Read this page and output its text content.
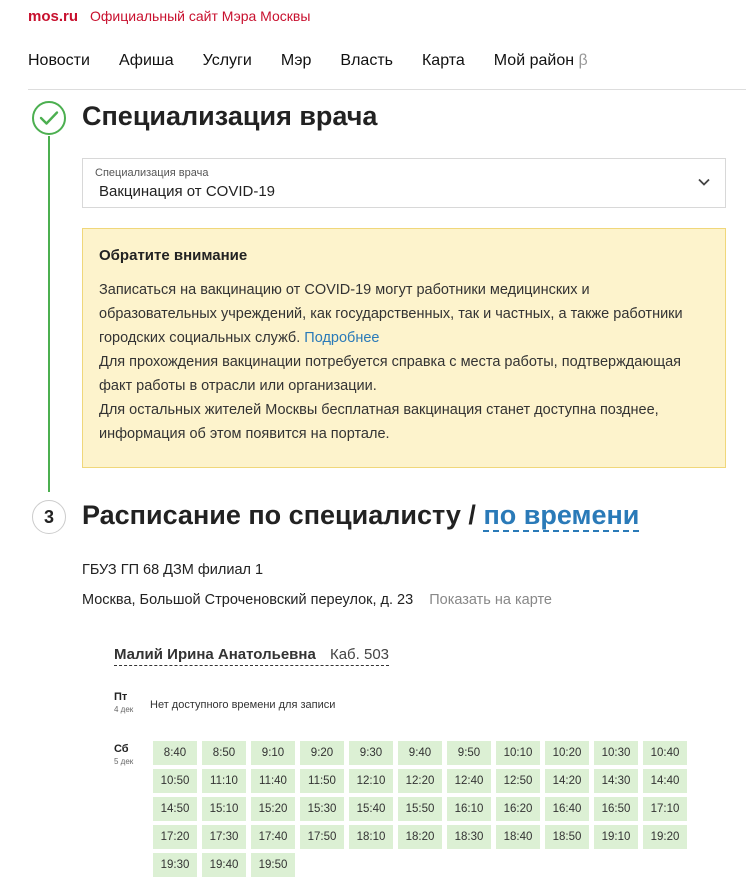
mos.ru Официальный сайт Мэра Москвы
Новости Афиша Услуги Мэр Власть Карта Мой район β
Специализация врача
Специализация врача
Вакцинация от COVID-19
Обратите внимание
Записаться на вакцинацию от COVID-19 могут работники медицинских и образовательных учреждений, как государственных, так и частных, а также работники городских социальных служб. Подробнее
Для прохождения вакцинации потребуется справка с места работы, подтверждающая факт работы в отрасли или организации.
Для остальных жителей Москвы бесплатная вакцинация станет доступна позднее, информация об этом появится на портале.
3	Расписание по специалисту / по времени
ГБУЗ ГП 68 ДЗМ филиал 1
Москва, Большой Строченовский переулок, д. 23 Показать на карте
Малий Ирина Анатольевна Каб. 503
Пт
4 дек Нет доступного времени для записи
Сб
5 дек
8:40	8:50	9:10	9:20	9:30	9:40	9:50	10:10	10:20	10:30	10:40
10:50	11:10	11:40	11:50	12:10	12:20	12:40	12:50	14:20	14:30	14:40
14:50	15:10	15:20	15:30	15:40	15:50	16:10	16:20	16:40	16:50	17:10
17:20	17:30	17:40	17:50	18:10	18:20	18:30	18:40	18:50	19:10	19:20
19:30	19:40	19:50
